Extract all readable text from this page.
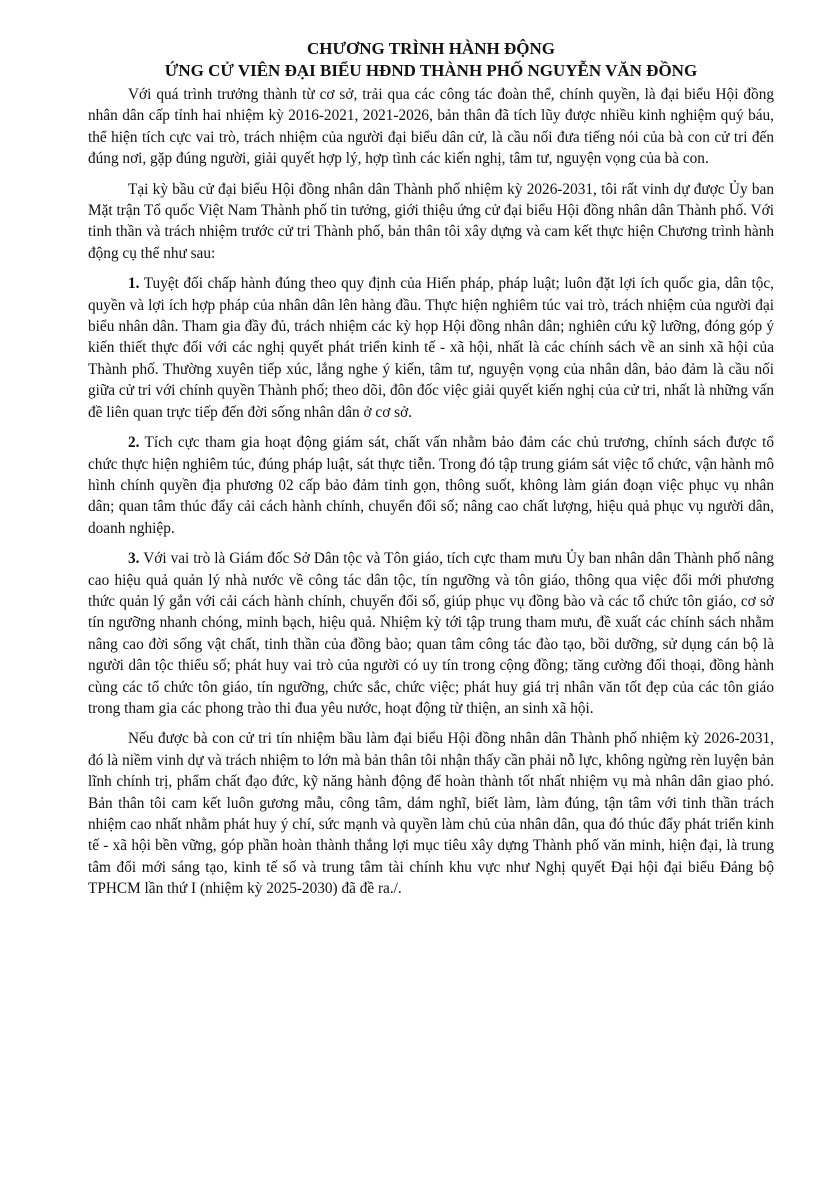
CHƯƠNG TRÌNH HÀNH ĐỘNG
ỨNG CỬ VIÊN ĐẠI BIỂU HĐND THÀNH PHỐ NGUYỄN VĂN ĐỒNG

Với quá trình trưởng thành từ cơ sở, trải qua các công tác đoàn thể, chính quyền, là đại biểu Hội đồng nhân dân cấp tỉnh hai nhiệm kỳ 2016-2021, 2021-2026, bản thân đã tích lũy được nhiều kinh nghiệm quý báu, thể hiện tích cực vai trò, trách nhiệm của người đại biểu dân cử, là cầu nối đưa tiếng nói của bà con cử tri đến đúng nơi, gặp đúng người, giải quyết hợp lý, hợp tình các kiến nghị, tâm tư, nguyện vọng của bà con.

Tại kỳ bầu cử đại biểu Hội đồng nhân dân Thành phố nhiệm kỳ 2026-2031, tôi rất vinh dự được Ủy ban Mặt trận Tổ quốc Việt Nam Thành phố tin tưởng, giới thiệu ứng cử đại biểu Hội đồng nhân dân Thành phố. Với tinh thần và trách nhiệm trước cử tri Thành phố, bản thân tôi xây dựng và cam kết thực hiện Chương trình hành động cụ thể như sau:

1. Tuyệt đối chấp hành đúng theo quy định của Hiến pháp, pháp luật; luôn đặt lợi ích quốc gia, dân tộc, quyền và lợi ích hợp pháp của nhân dân lên hàng đầu. Thực hiện nghiêm túc vai trò, trách nhiệm của người đại biểu nhân dân. Tham gia đầy đủ, trách nhiệm các kỳ họp Hội đồng nhân dân; nghiên cứu kỹ lưỡng, đóng góp ý kiến thiết thực đối với các nghị quyết phát triển kinh tế - xã hội, nhất là các chính sách về an sinh xã hội của Thành phố. Thường xuyên tiếp xúc, lắng nghe ý kiến, tâm tư, nguyện vọng của nhân dân, bảo đảm là cầu nối giữa cử tri với chính quyền Thành phố; theo dõi, đôn đốc việc giải quyết kiến nghị của cử tri, nhất là những vấn đề liên quan trực tiếp đến đời sống nhân dân ở cơ sở.

2. Tích cực tham gia hoạt động giám sát, chất vấn nhằm bảo đảm các chủ trương, chính sách được tổ chức thực hiện nghiêm túc, đúng pháp luật, sát thực tiễn. Trong đó tập trung giám sát việc tổ chức, vận hành mô hình chính quyền địa phương 02 cấp bảo đảm tinh gọn, thông suốt, không làm gián đoạn việc phục vụ nhân dân; quan tâm thúc đẩy cải cách hành chính, chuyển đổi số; nâng cao chất lượng, hiệu quả phục vụ người dân, doanh nghiệp.

3. Với vai trò là Giám đốc Sở Dân tộc và Tôn giáo, tích cực tham mưu Ủy ban nhân dân Thành phố nâng cao hiệu quả quản lý nhà nước về công tác dân tộc, tín ngưỡng và tôn giáo, thông qua việc đổi mới phương thức quản lý gắn với cải cách hành chính, chuyển đổi số, giúp phục vụ đồng bào và các tổ chức tôn giáo, cơ sở tín ngưỡng nhanh chóng, minh bạch, hiệu quả. Nhiệm kỳ tới tập trung tham mưu, đề xuất các chính sách nhằm nâng cao đời sống vật chất, tinh thần của đồng bào; quan tâm công tác đào tạo, bồi dưỡng, sử dụng cán bộ là người dân tộc thiểu số; phát huy vai trò của người có uy tín trong cộng đồng; tăng cường đối thoại, đồng hành cùng các tổ chức tôn giáo, tín ngưỡng, chức sắc, chức việc; phát huy giá trị nhân văn tốt đẹp của các tôn giáo trong tham gia các phong trào thi đua yêu nước, hoạt động từ thiện, an sinh xã hội.

Nếu được bà con cử tri tín nhiệm bầu làm đại biểu Hội đồng nhân dân Thành phố nhiệm kỳ 2026-2031, đó là niềm vinh dự và trách nhiệm to lớn mà bản thân tôi nhận thấy cần phải nỗ lực, không ngừng rèn luyện bản lĩnh chính trị, phẩm chất đạo đức, kỹ năng hành động để hoàn thành tốt nhất nhiệm vụ mà nhân dân giao phó. Bản thân tôi cam kết luôn gương mẫu, công tâm, dám nghĩ, biết làm, làm đúng, tận tâm với tinh thần trách nhiệm cao nhất nhằm phát huy ý chí, sức mạnh và quyền làm chủ của nhân dân, qua đó thúc đẩy phát triển kinh tế - xã hội bền vững, góp phần hoàn thành thắng lợi mục tiêu xây dựng Thành phố văn minh, hiện đại, là trung tâm đổi mới sáng tạo, kinh tế số và trung tâm tài chính khu vực như Nghị quyết Đại hội đại biểu Đảng bộ TPHCM lần thứ I (nhiệm kỳ 2025-2030) đã đề ra./.
